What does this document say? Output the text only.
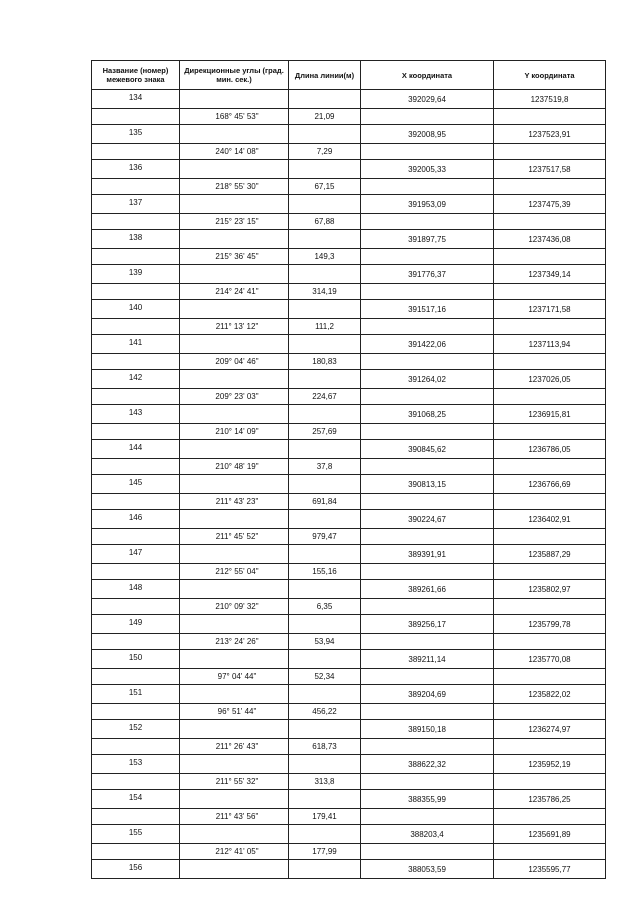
Название (номер) межевого знака	Дирекционные углы (град. мин. сек.)	Длина линии(м)	X координата	Y координата
134			392029,64	1237519,8
	168° 45' 53"	21,09		
135			392008,95	1237523,91
	240° 14' 08"	7,29		
136			392005,33	1237517,58
	218° 55' 30"	67,15		
137			391953,09	1237475,39
	215° 23' 15"	67,88		
138			391897,75	1237436,08
	215° 36' 45"	149,3		
139			391776,37	1237349,14
	214° 24' 41"	314,19		
140			391517,16	1237171,58
	211° 13' 12"	111,2		
141			391422,06	1237113,94
	209° 04' 46"	180,83		
142			391264,02	1237026,05
	209° 23' 03"	224,67		
143			391068,25	1236915,81
	210° 14' 09"	257,69		
144			390845,62	1236786,05
	210° 48' 19"	37,8		
145			390813,15	1236766,69
	211° 43' 23"	691,84		
146			390224,67	1236402,91
	211° 45' 52"	979,47		
147			389391,91	1235887,29
	212° 55' 04"	155,16		
148			389261,66	1235802,97
	210° 09' 32"	6,35		
149			389256,17	1235799,78
	213° 24' 26"	53,94		
150			389211,14	1235770,08
	97° 04' 44"	52,34		
151			389204,69	1235822,02
	96° 51' 44"	456,22		
152			389150,18	1236274,97
	211° 26' 43"	618,73		
153			388622,32	1235952,19
	211° 55' 32"	313,8		
154			388355,99	1235786,25
	211° 43' 56"	179,41		
155			388203,4	1235691,89
	212° 41' 05"	177,99		
156			388053,59	1235595,77
